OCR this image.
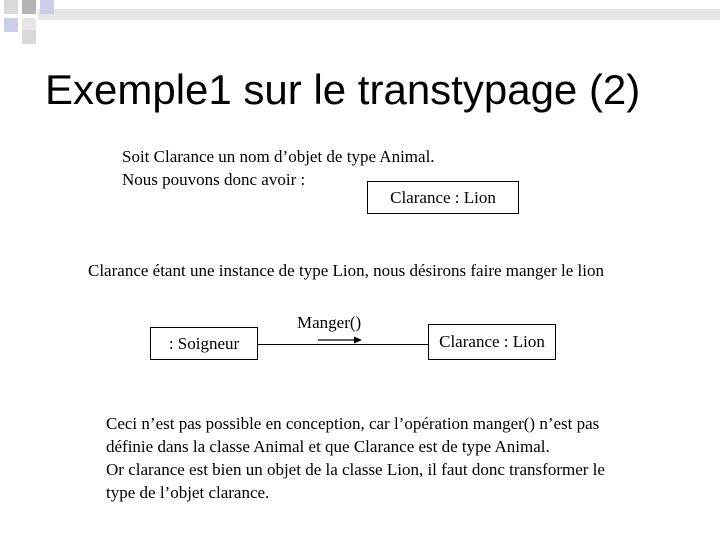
Exemple1 sur le transtypage (2)
Soit Clarance un nom d’objet de type Animal.
Nous pouvons donc avoir :
Clarance : Lion
Clarance étant une instance de type Lion, nous désirons faire manger le lion
: Soigneur
Manger()
Clarance : Lion
Ceci n’est pas possible en conception, car l’opération manger() n’est pas
définie dans la classe Animal et que Clarance est de type Animal.
Or clarance est bien un objet de la classe Lion, il faut donc transformer le
type de l’objet clarance.
